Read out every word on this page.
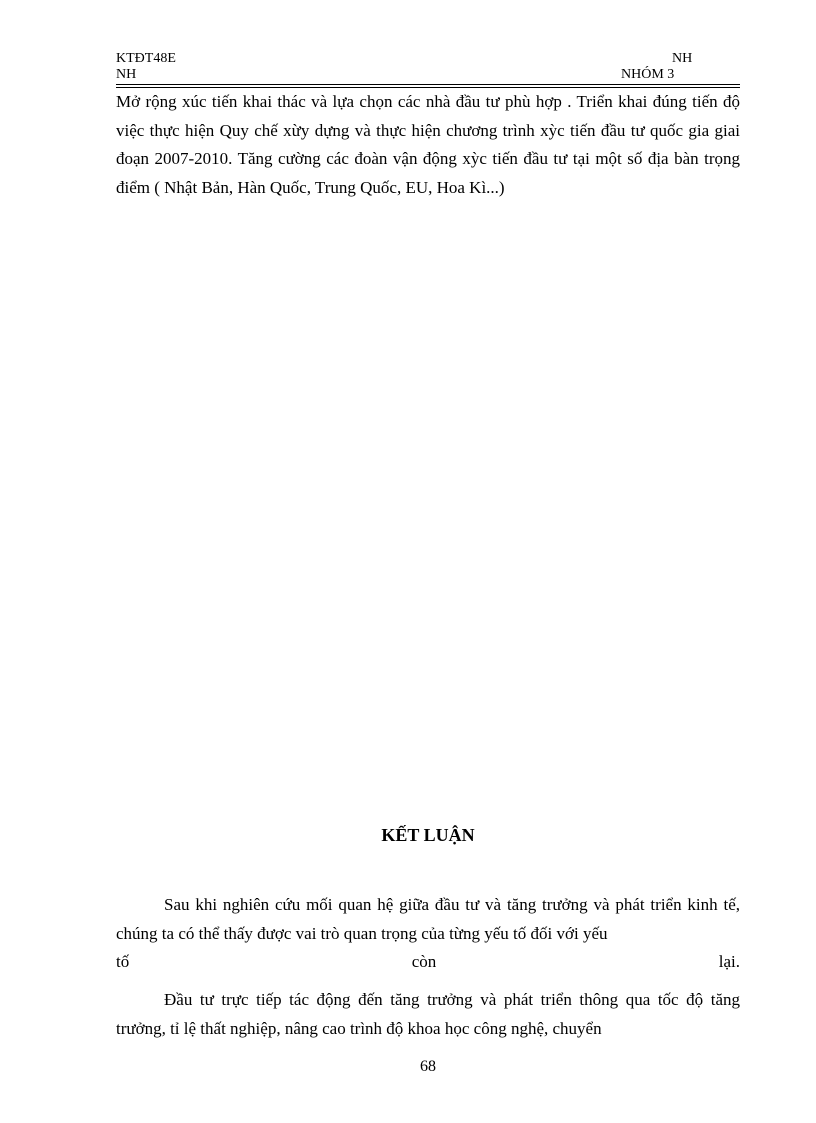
KTĐT48E
NH
NH
NHÓM 3
Mở rộng xúc tiến khai thác và lựa chọn các nhà đầu tư phù hợp . Triển khai đúng tiến độ việc thực hiện Quy chế xừy dựng và thực hiện chương trình xỳc tiến đầu tư quốc gia giai đoạn 2007-2010. Tăng cường các đoàn vận động xỳc tiến đầu tư tại một số địa bàn trọng điểm ( Nhật Bản, Hàn Quốc, Trung Quốc, EU, Hoa Kì...)
KẾT LUẬN
Sau khi nghiên cứu mối quan hệ giữa đầu tư và tăng trưởng và phát triển kinh tế, chúng ta có thể thấy được vai trò quan trọng của từng yếu tố đối với yếu
tố còn lại.
Đầu tư trực tiếp tác động đến tăng trưởng và phát triển thông qua tốc độ tăng trưởng, tỉ lệ thất nghiệp, nâng cao trình độ khoa học công nghệ, chuyển
68
